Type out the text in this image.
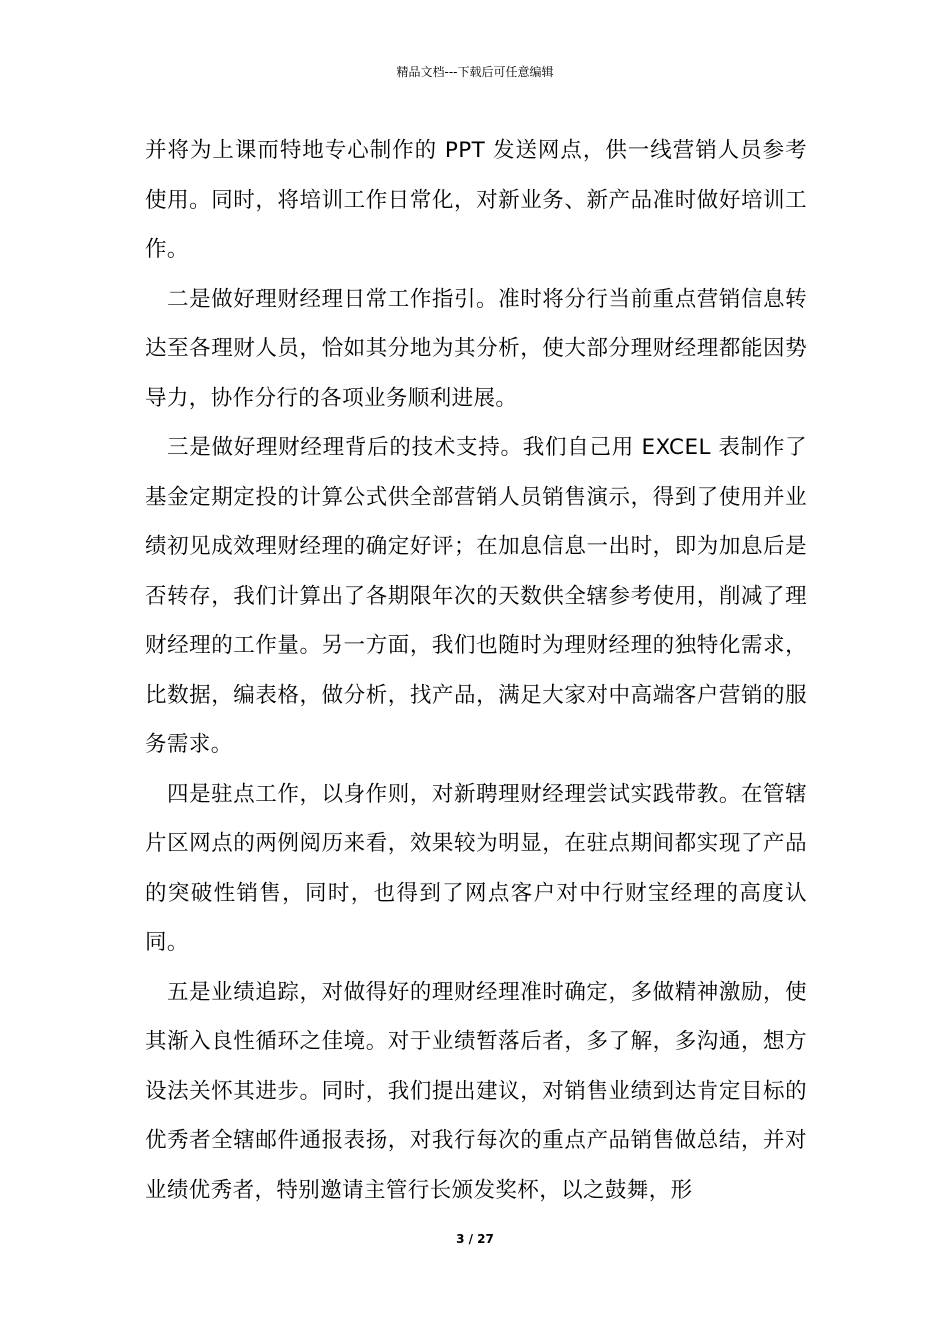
精品文档---下载后可任意编辑

并将为上课而特地专心制作的 PPT 发送网点，供一线营销人员参考使用。同时，将培训工作日常化，对新业务、新产品准时做好培训工作。

二是做好理财经理日常工作指引。准时将分行当前重点营销信息转达至各理财人员，恰如其分地为其分析，使大部分理财经理都能因势导力，协作分行的各项业务顺利进展。

三是做好理财经理背后的技术支持。我们自己用 EXCEL 表制作了基金定期定投的计算公式供全部营销人员销售演示，得到了使用并业绩初见成效理财经理的确定好评；在加息信息一出时，即为加息后是否转存，我们计算出了各期限年次的天数供全辖参考使用，削减了理财经理的工作量。另一方面，我们也随时为理财经理的独特化需求，比数据，编表格，做分析，找产品，满足大家对中高端客户营销的服务需求。

四是驻点工作，以身作则，对新聘理财经理尝试实践带教。在管辖片区网点的两例阅历来看，效果较为明显，在驻点期间都实现了产品的突破性销售，同时，也得到了网点客户对中行财宝经理的高度认同。

五是业绩追踪，对做得好的理财经理准时确定，多做精神激励，使其渐入良性循环之佳境。对于业绩暂落后者，多了解，多沟通，想方设法关怀其进步。同时，我们提出建议，对销售业绩到达肯定目标的优秀者全辖邮件通报表扬，对我行每次的重点产品销售做总结，并对业绩优秀者，特别邀请主管行长颁发奖杯，以之鼓舞，形

3 / 27
